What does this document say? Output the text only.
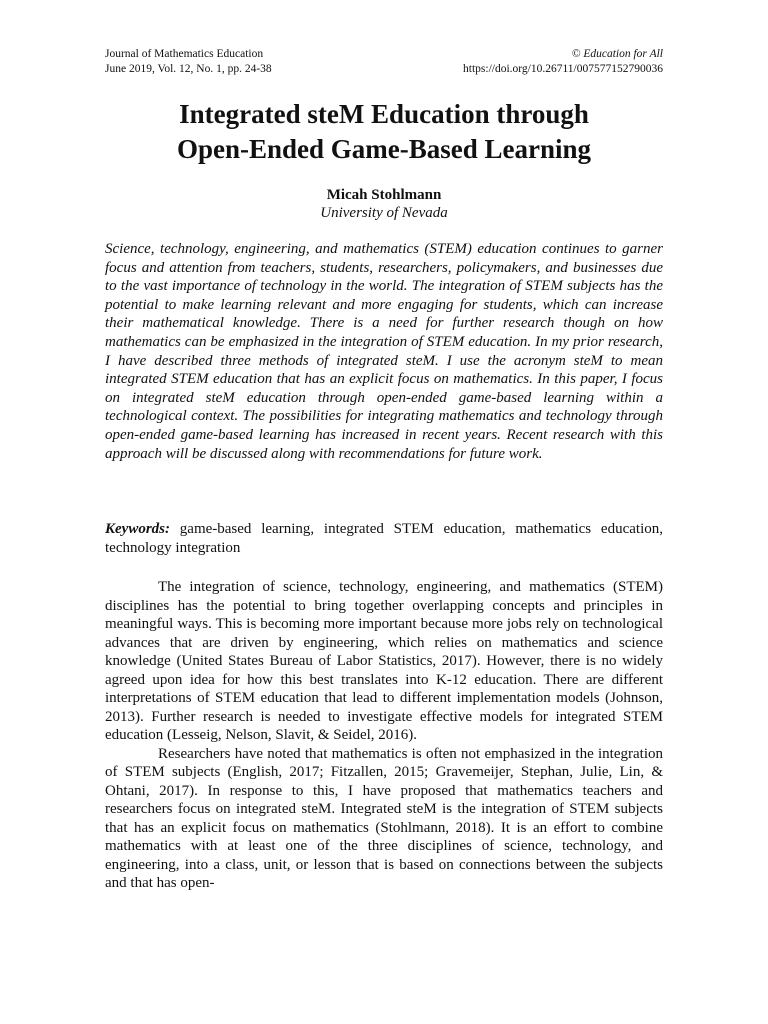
Journal of Mathematics Education
June 2019, Vol. 12, No. 1, pp. 24-38
© Education for All
https://doi.org/10.26711/007577152790036
Integrated steM Education through
Open-Ended Game-Based Learning
Micah Stohlmann
University of Nevada
Science, technology, engineering, and mathematics (STEM) education continues to garner focus and attention from teachers, students, researchers, policymakers, and businesses due to the vast importance of technology in the world. The integration of STEM subjects has the potential to make learning relevant and more engaging for students, which can increase their mathematical knowledge. There is a need for further research though on how mathematics can be emphasized in the integration of STEM education. In my prior research, I have described three methods of integrated steM. I use the acronym steM to mean integrated STEM education that has an explicit focus on mathematics. In this paper, I focus on integrated steM education through open-ended game-based learning within a technological context. The possibilities for integrating mathematics and technology through open-ended game-based learning has increased in recent years. Recent research with this approach will be discussed along with recommendations for future work.
Keywords: game-based learning, integrated STEM education, mathematics education, technology integration

The integration of science, technology, engineering, and mathematics (STEM) disciplines has the potential to bring together overlapping concepts and principles in meaningful ways. This is becoming more important because more jobs rely on technological advances that are driven by engineering, which relies on mathematics and science knowledge (United States Bureau of Labor Statistics, 2017). However, there is no widely agreed upon idea for how this best translates into K-12 education. There are different interpretations of STEM education that lead to different implementation models (Johnson, 2013). Further research is needed to investigate effective models for integrated STEM education (Lesseig, Nelson, Slavit, & Seidel, 2016).

Researchers have noted that mathematics is often not emphasized in the integration of STEM subjects (English, 2017; Fitzallen, 2015; Gravemeijer, Stephan, Julie, Lin, & Ohtani, 2017). In response to this, I have proposed that mathematics teachers and researchers focus on integrated steM. Integrated steM is the integration of STEM subjects that has an explicit focus on mathematics (Stohlmann, 2018). It is an effort to combine mathematics with at least one of the three disciplines of science, technology, and engineering, into a class, unit, or lesson that is based on connections between the subjects and that has open-
